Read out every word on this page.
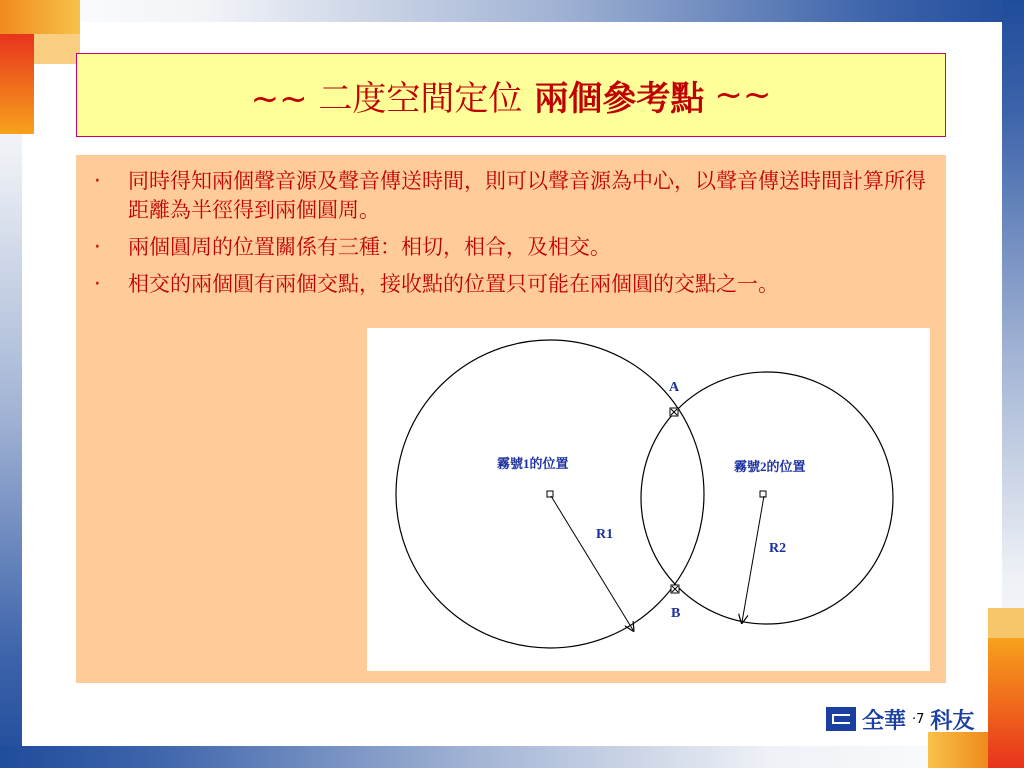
~~ 二度空間定位 兩個參考點 ~~
‧ 同時得知兩個聲音源及聲音傳送時間，則可以聲音源為中心，以聲音傳送時間計算所得距離為半徑得到兩個圓周。
‧ 兩個圓周的位置關係有三種：相切，相合，及相交。
‧ 相交的兩個圓有兩個交點，接收點的位置只可能在兩個圓的交點之一。
霧號1的位置	霧號2的位置
R1
R2
A
B
全華 ‧7 科友
